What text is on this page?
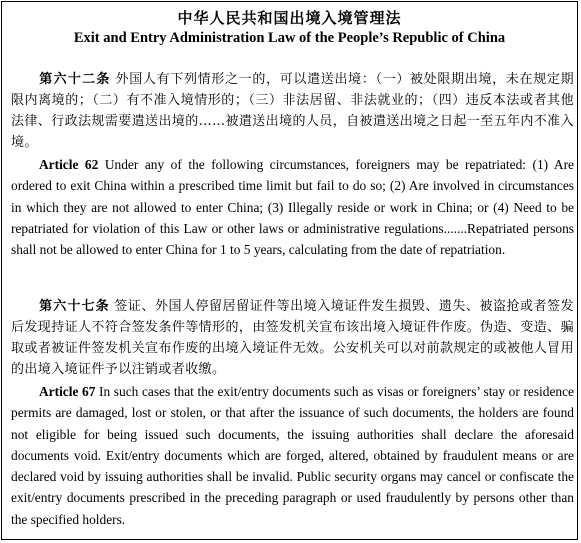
中华人民共和国出境入境管理法
Exit and Entry Administration Law of the People’s Republic of China
第六十二条 外国人有下列情形之一的，可以遣送出境：（一）被处限期出境，未在规定期限内离境的；（二）有不准入境情形的；（三）非法居留、非法就业的；（四）违反本法或者其他法律、行政法规需要遣送出境的……被遣送出境的人员，自被遣送出境之日起一至五年内不准入境。
Article 62 Under any of the following circumstances, foreigners may be repatriated: (1) Are ordered to exit China within a prescribed time limit but fail to do so; (2) Are involved in circumstances in which they are not allowed to enter China; (3) Illegally reside or work in China; or (4) Need to be repatriated for violation of this Law or other laws or administrative regulations.......Repatriated persons shall not be allowed to enter China for 1 to 5 years, calculating from the date of repatriation.
第六十七条 签证、外国人停留居留证件等出境入境证件发生损毁、遗失、被盗抢或者签发后发现持证人不符合签发条件等情形的，由签发机关宣布该出境入境证件作废。伪造、变造、骗取或者被证件签发机关宣布作废的出境入境证件无效。公安机关可以对前款规定的或被他人冒用的出境入境证件予以注销或者收缴。
Article 67 In such cases that the exit/entry documents such as visas or foreigners’ stay or residence permits are damaged, lost or stolen, or that after the issuance of such documents, the holders are found not eligible for being issued such documents, the issuing authorities shall declare the aforesaid documents void. Exit/entry documents which are forged, altered, obtained by fraudulent means or are declared void by issuing authorities shall be invalid. Public security organs may cancel or confiscate the exit/entry documents prescribed in the preceding paragraph or used fraudulently by persons other than the specified holders.
